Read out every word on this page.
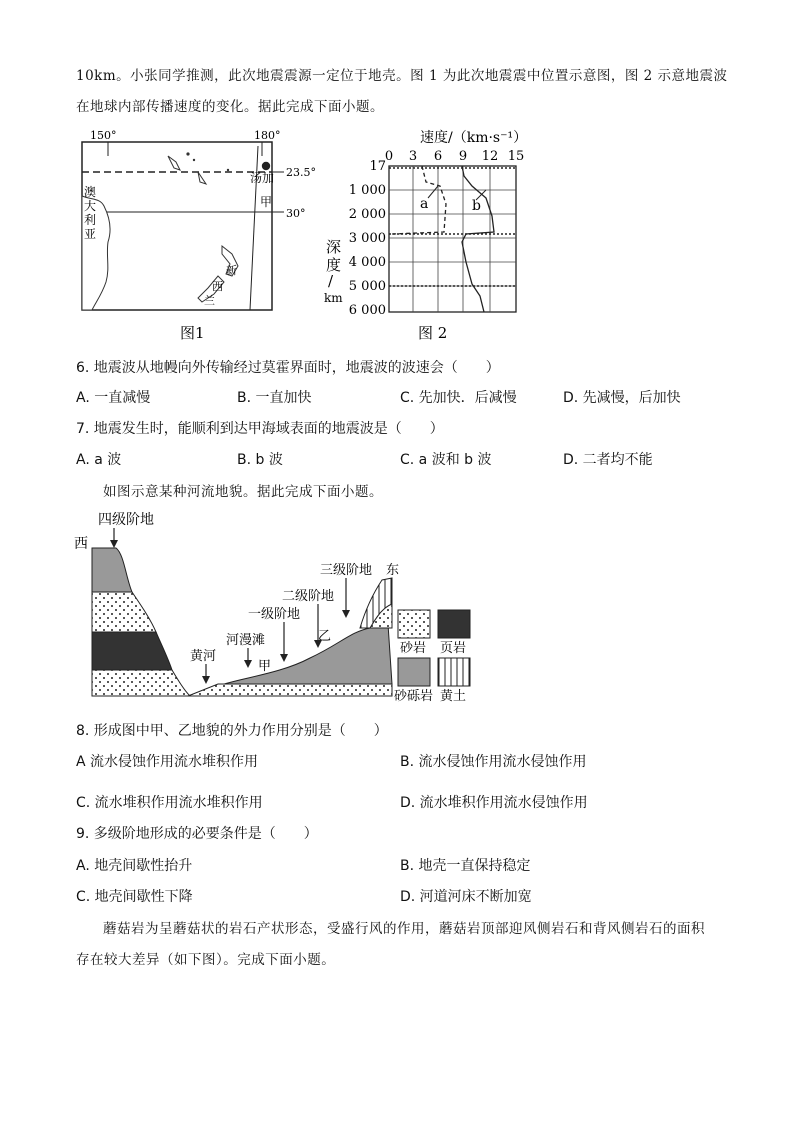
10km。小张同学推测，此次地震震源一定位于地壳。图 1 为此次地震震中位置示意图，图 2 示意地震波
在地球内部传播速度的变化。据此完成下面小题。
150°	180°
23.5°
30°
澳
大
利
亚
新
西
兰
汤加
甲
图1
速度/（km·s⁻¹）
0 3 6 9 12 15
17
1 000
2 000
3 000
4 000
5 000
6 000
深
度
/
km
a	b
图 2
6. 地震波从地幔向外传输经过莫霍界面时，地震波的波速会（　　）
A. 一直减慢	B. 一直加快	C. 先加快．后减慢	D. 先减慢，后加快
7. 地震发生时，能顺利到达甲海域表面的地震波是（　　）
A. a 波	B. b 波	C. a 波和 b 波	D. 二者均不能
如图示意某种河流地貌。据此完成下面小题。
四级阶地
西
黄河
河漫滩
甲
一级阶地
二级阶地
乙
三级阶地 东
砂岩 页岩
砂砾岩 黄土
8. 形成图中甲、乙地貌的外力作用分别是（　　）
A 流水侵蚀作用流水堆积作用	B. 流水侵蚀作用流水侵蚀作用
C. 流水堆积作用流水堆积作用	D. 流水堆积作用流水侵蚀作用
9. 多级阶地形成的必要条件是（　　）
A. 地壳间歇性抬升	B. 地壳一直保持稳定
C. 地壳间歇性下降	D. 河道河床不断加宽
蘑菇岩为呈蘑菇状的岩石产状形态，受盛行风的作用，蘑菇岩顶部迎风侧岩石和背风侧岩石的面积
存在较大差异（如下图）。完成下面小题。
